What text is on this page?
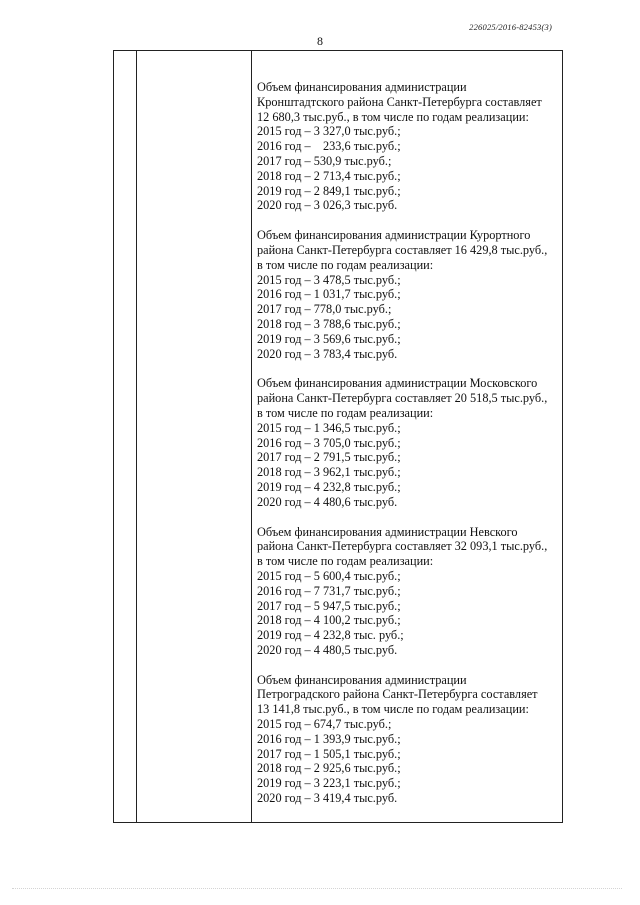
226025/2016-82453(3)
8
Объем финансирования администрации
Кронштадтского района Санкт-Петербурга составляет
12 680,3 тыс.руб., в том числе по годам реализации:
2015 год – 3 327,0 тыс.руб.;
2016 год –    233,6 тыс.руб.;
2017 год – 530,9 тыс.руб.;
2018 год – 2 713,4 тыс.руб.;
2019 год – 2 849,1 тыс.руб.;
2020 год – 3 026,3 тыс.руб.
Объем финансирования администрации Курортного
района Санкт-Петербурга составляет 16 429,8 тыс.руб.,
в том числе по годам реализации:
2015 год – 3 478,5 тыс.руб.;
2016 год – 1 031,7 тыс.руб.;
2017 год – 778,0 тыс.руб.;
2018 год – 3 788,6 тыс.руб.;
2019 год – 3 569,6 тыс.руб.;
2020 год – 3 783,4 тыс.руб.
Объем финансирования администрации Московского
района Санкт-Петербурга составляет 20 518,5 тыс.руб.,
в том числе по годам реализации:
2015 год – 1 346,5 тыс.руб.;
2016 год – 3 705,0 тыс.руб.;
2017 год – 2 791,5 тыс.руб.;
2018 год – 3 962,1 тыс.руб.;
2019 год – 4 232,8 тыс.руб.;
2020 год – 4 480,6 тыс.руб.
Объем финансирования администрации Невского
района Санкт-Петербурга составляет 32 093,1 тыс.руб.,
в том числе по годам реализации:
2015 год – 5 600,4 тыс.руб.;
2016 год – 7 731,7 тыс.руб.;
2017 год – 5 947,5 тыс.руб.;
2018 год – 4 100,2 тыс.руб.;
2019 год – 4 232,8 тыс. руб.;
2020 год – 4 480,5 тыс.руб.
Объем финансирования администрации
Петроградского района Санкт-Петербурга составляет
13 141,8 тыс.руб., в том числе по годам реализации:
2015 год – 674,7 тыс.руб.;
2016 год – 1 393,9 тыс.руб.;
2017 год – 1 505,1 тыс.руб.;
2018 год – 2 925,6 тыс.руб.;
2019 год – 3 223,1 тыс.руб.;
2020 год – 3 419,4 тыс.руб.
